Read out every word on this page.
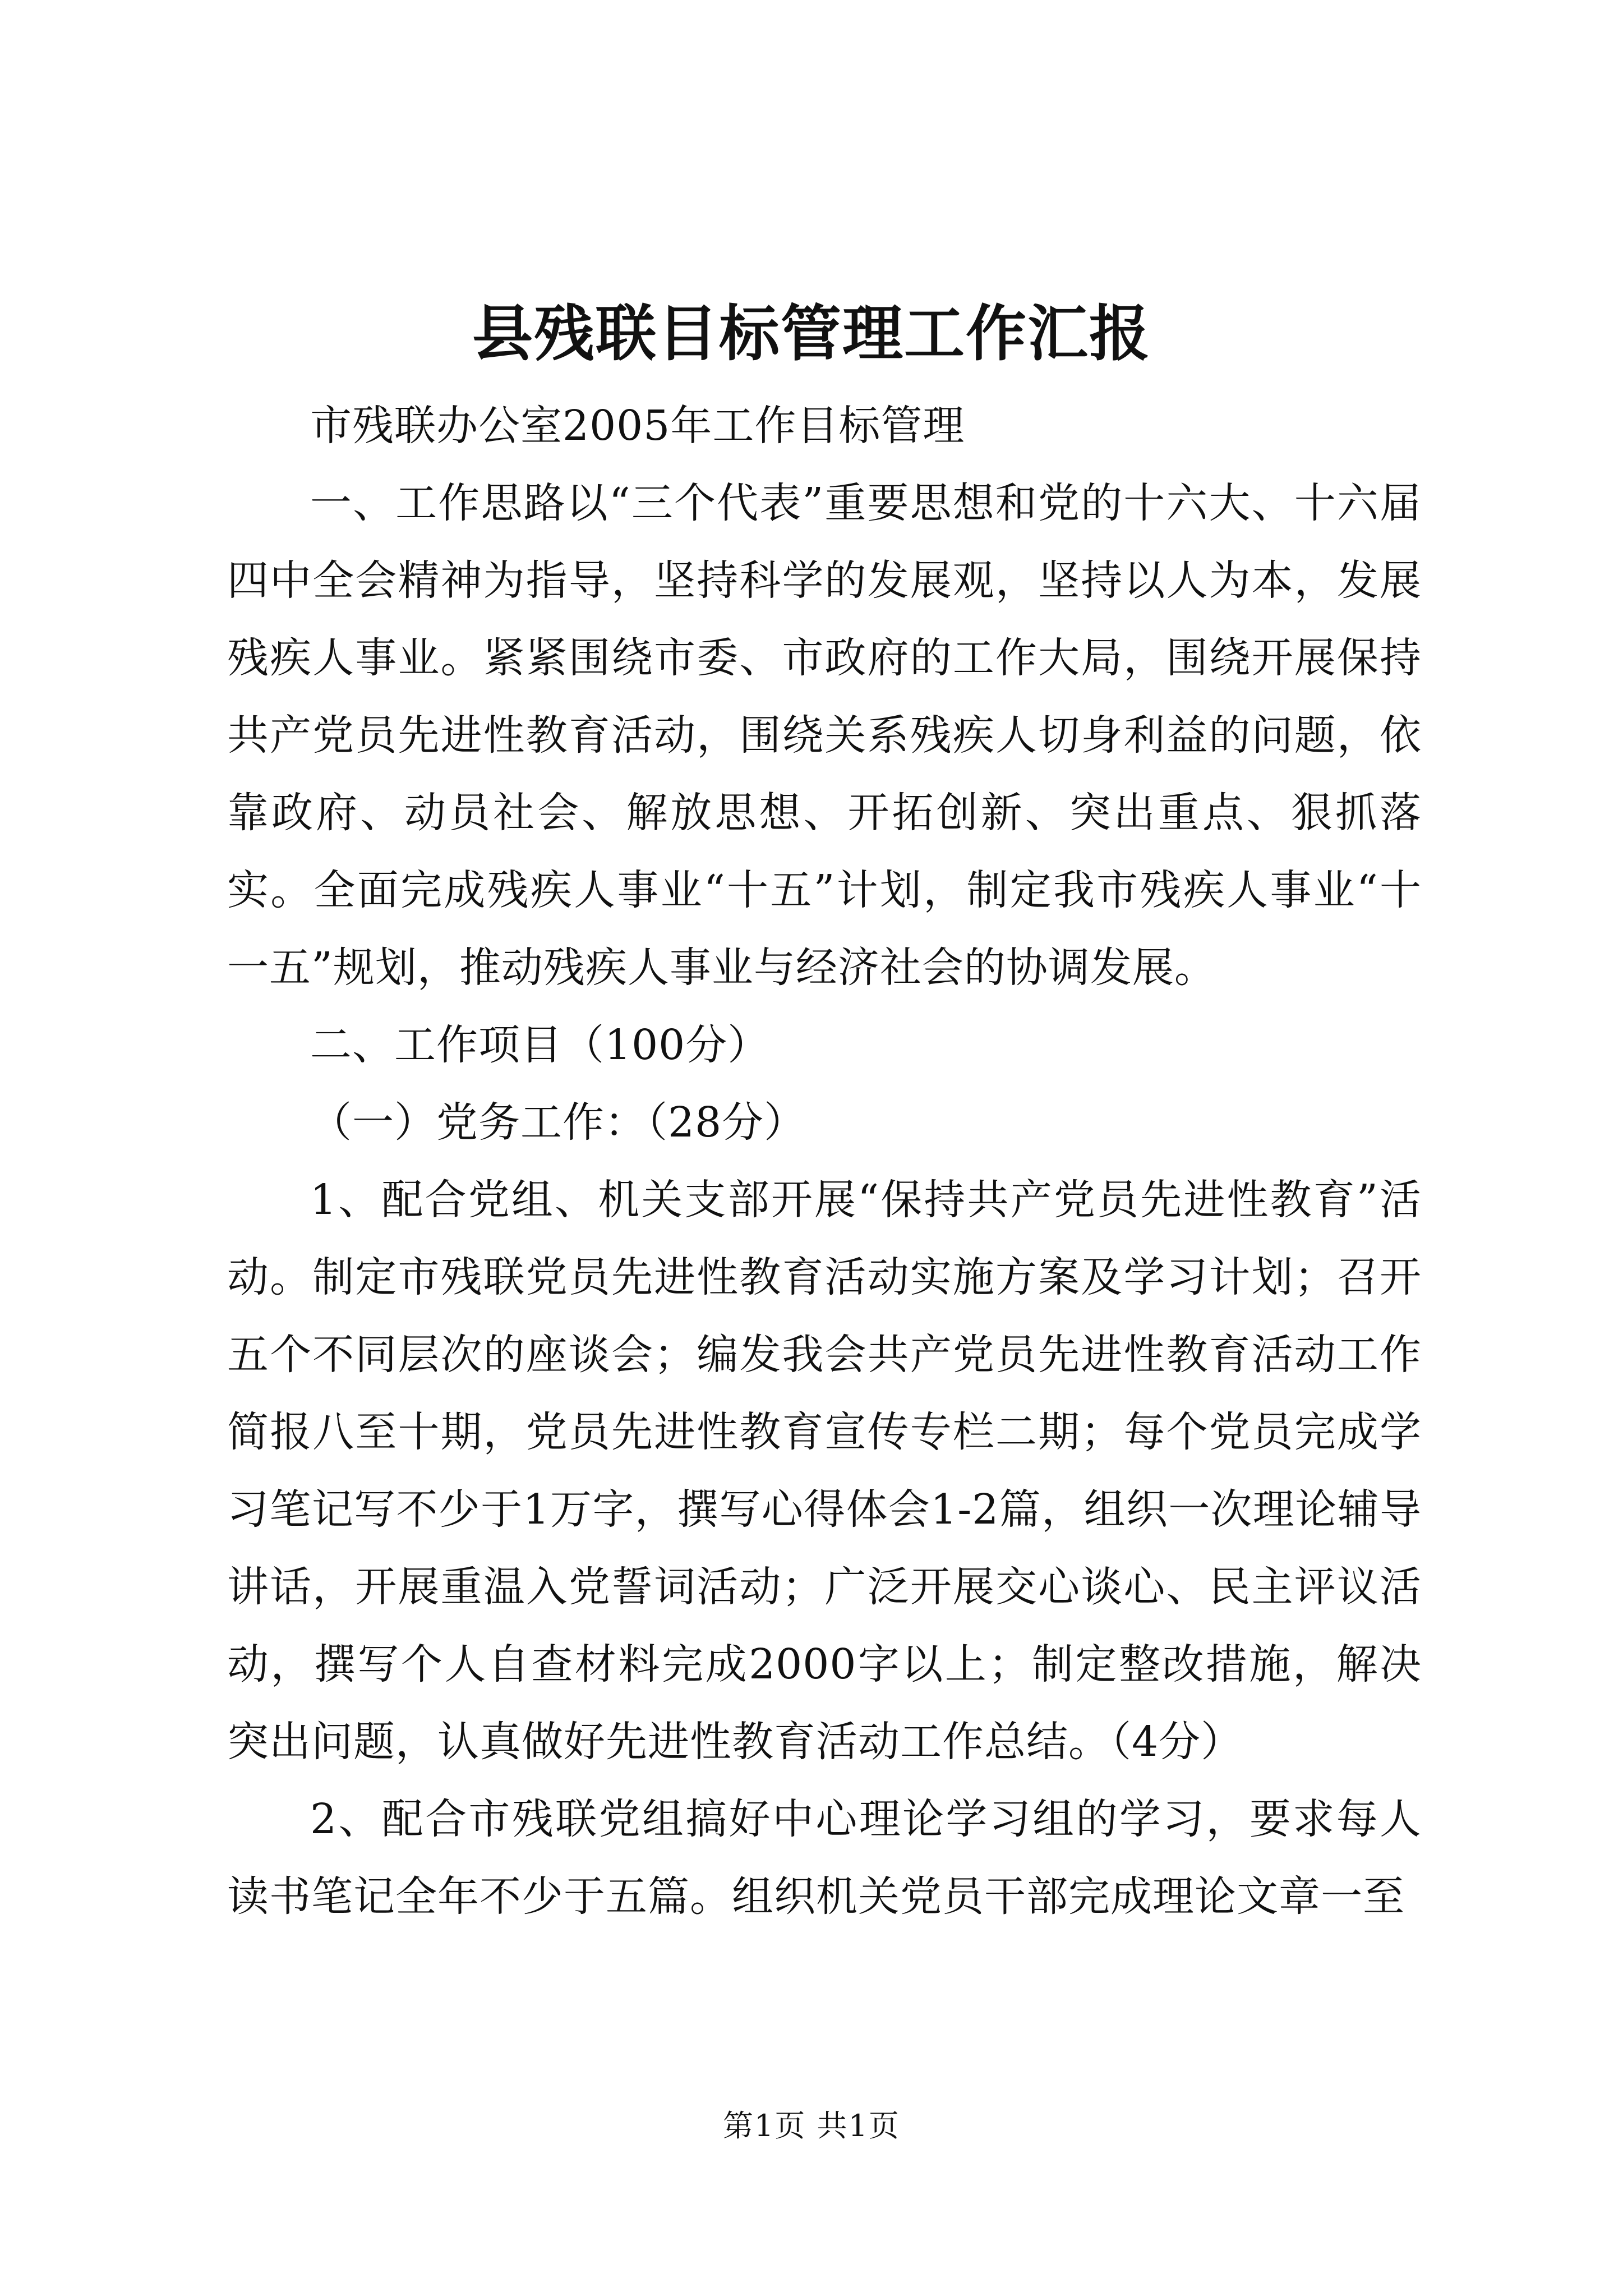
县残联目标管理工作汇报

市残联办公室2005年工作目标管理

一、工作思路以“三个代表”重要思想和党的十六大、十六届四中全会精神为指导，坚持科学的发展观，坚持以人为本，发展残疾人事业。紧紧围绕市委、市政府的工作大局，围绕开展保持共产党员先进性教育活动，围绕关系残疾人切身利益的问题，依靠政府、动员社会、解放思想、开拓创新、突出重点、狠抓落实。全面完成残疾人事业“十五”计划，制定我市残疾人事业“十一五”规划，推动残疾人事业与经济社会的协调发展。

二、工作项目（100分）

（一）党务工作：（28分）

1、配合党组、机关支部开展“保持共产党员先进性教育”活动。制定市残联党员先进性教育活动实施方案及学习计划；召开五个不同层次的座谈会；编发我会共产党员先进性教育活动工作简报八至十期，党员先进性教育宣传专栏二期；每个党员完成学习笔记写不少于1万字，撰写心得体会1-2篇，组织一次理论辅导讲话，开展重温入党誓词活动；广泛开展交心谈心、民主评议活动，撰写个人自查材料完成2000字以上；制定整改措施，解决突出问题，认真做好先进性教育活动工作总结。（4分）

2、配合市残联党组搞好中心理论学习组的学习，要求每人读书笔记全年不少于五篇。组织机关党员干部完成理论文章一至

第1页 共1页
